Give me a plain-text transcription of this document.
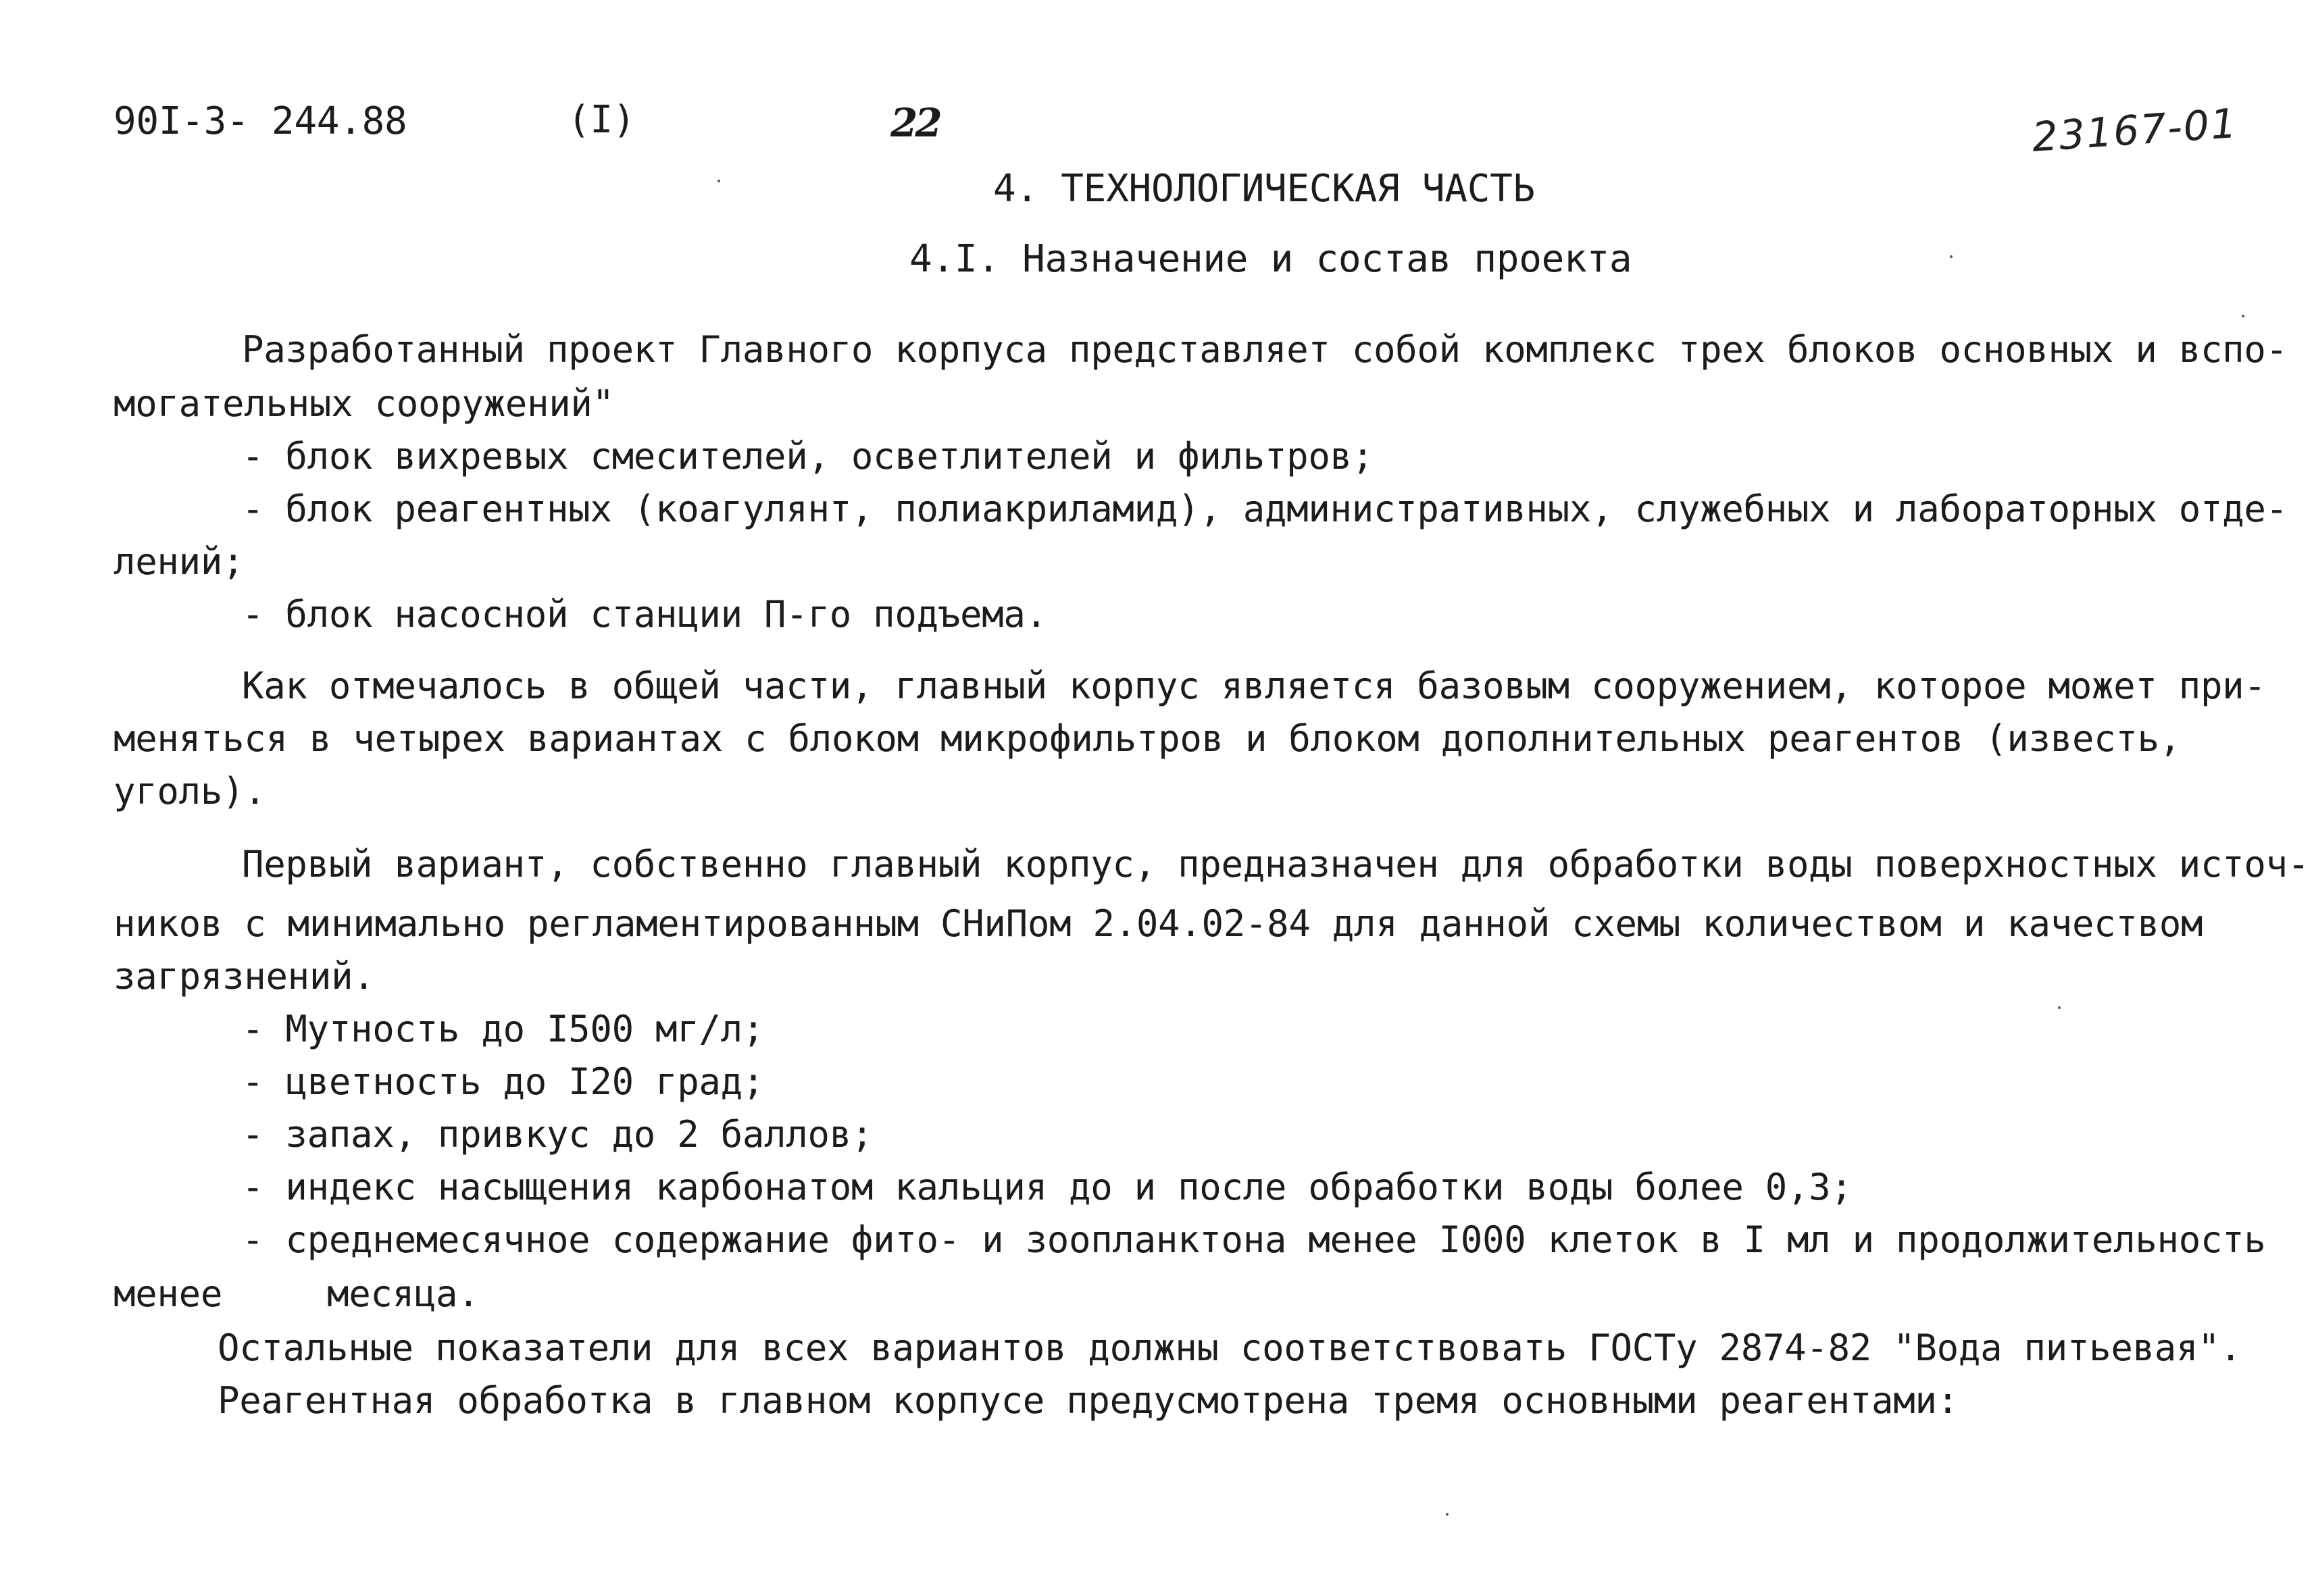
90I-3- 244.88	(I)	22	23167-01
4. ТЕХНОЛОГИЧЕСКАЯ ЧАСТЬ
4.I. Назначение и состав проекта
Разработанный проект Главного корпуса представляет собой комплекс трех блоков основных и вспо-
могательных сооружений"
- блок вихревых смесителей, осветлителей и фильтров;
- блок реагентных (коагулянт, полиакриламид), административных, служебных и лабораторных отде-
лений;
- блок насосной станции П-го подъема.
Как отмечалось в общей части, главный корпус является базовым сооружением, которое может при-
меняться в четырех вариантах с блоком микрофильтров и блоком дополнительных реагентов (известь,
уголь).
Первый вариант, собственно главный корпус, предназначен для обработки воды поверхностных источ-
ников с минимально регламентированным СНиПом 2.04.02-84 для данной схемы количеством и качеством
загрязнений.
- Мутность до I500 мг/л;
- цветность до I20 град;
- запах, привкус до 2 баллов;
- индекс насыщения карбонатом кальция до и после обработки воды более 0,3;
- среднемесячное содержание фито- и зоопланктона менее I000 клеток в I мл и продолжительность
менее	месяца.
Остальные показатели для всех вариантов должны соответствовать ГОСТу 2874-82 "Вода питьевая".
Реагентная обработка в главном корпусе предусмотрена тремя основными реагентами:
